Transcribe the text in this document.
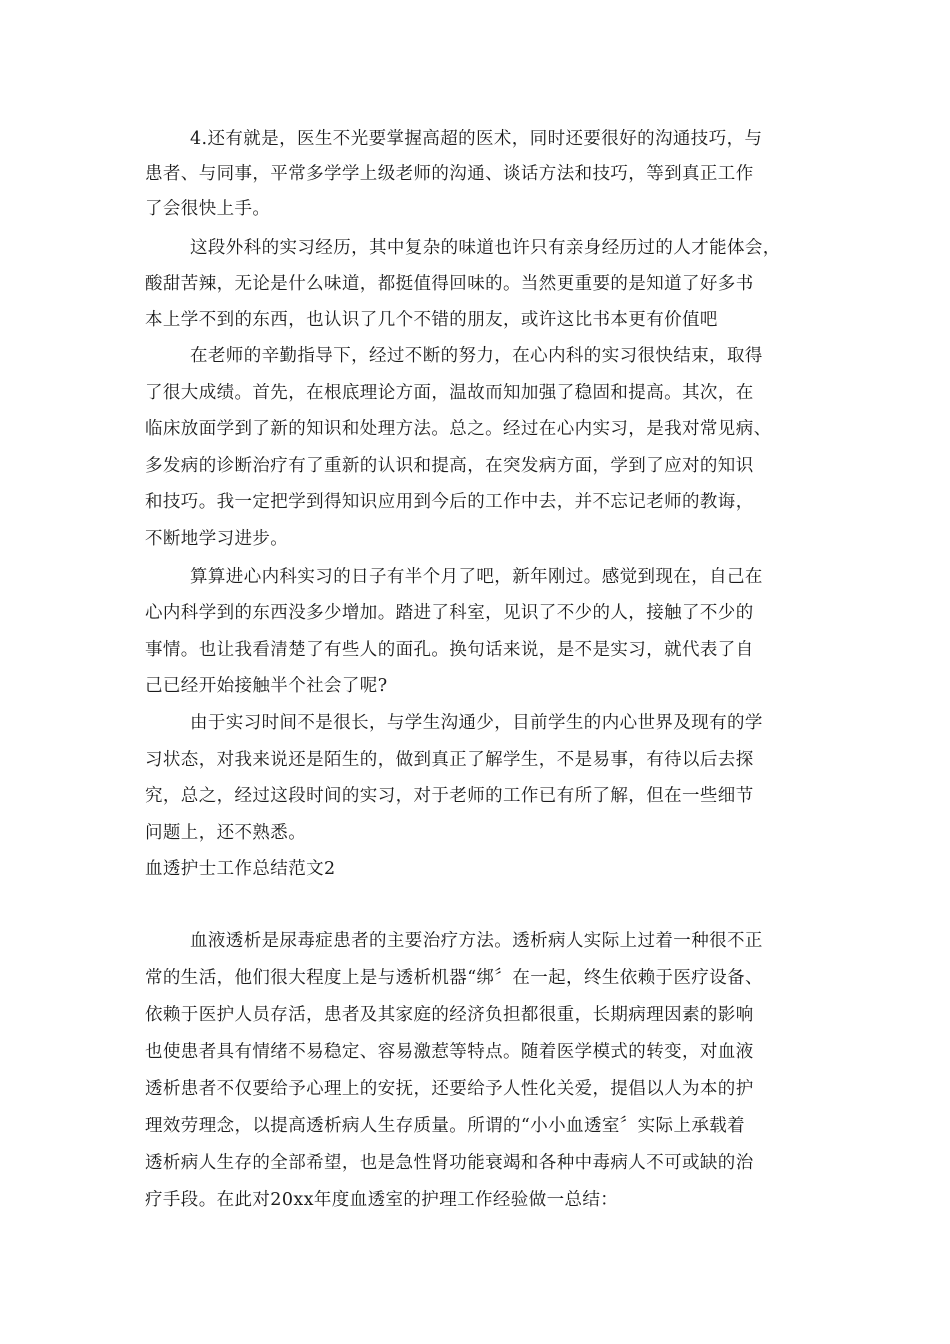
4.还有就是，医生不光要掌握高超的医术，同时还要很好的沟通技巧，与
患者、与同事，平常多学学上级老师的沟通、谈话方法和技巧，等到真正工作
了会很快上手。
这段外科的实习经历，其中复杂的味道也许只有亲身经历过的人才能体会，
酸甜苦辣，无论是什么味道，都挺值得回味的。当然更重要的是知道了好多书
本上学不到的东西，也认识了几个不错的朋友，或许这比书本更有价值吧
在老师的辛勤指导下，经过不断的努力，在心内科的实习很快结束，取得
了很大成绩。首先，在根底理论方面，温故而知加强了稳固和提高。其次，在
临床放面学到了新的知识和处理方法。总之。经过在心内实习，是我对常见病、
多发病的诊断治疗有了重新的认识和提高，在突发病方面，学到了应对的知识
和技巧。我一定把学到得知识应用到今后的工作中去，并不忘记老师的教诲，
不断地学习进步。
算算进心内科实习的日子有半个月了吧，新年刚过。感觉到现在，自己在
心内科学到的东西没多少增加。踏进了科室，见识了不少的人，接触了不少的
事情。也让我看清楚了有些人的面孔。换句话来说，是不是实习，就代表了自
己已经开始接触半个社会了呢?
由于实习时间不是很长，与学生沟通少，目前学生的内心世界及现有的学
习状态，对我来说还是陌生的，做到真正了解学生，不是易事，有待以后去探
究，总之，经过这段时间的实习，对于老师的工作已有所了解，但在一些细节
问题上，还不熟悉。
血透护士工作总结范文2
血液透析是尿毒症患者的主要治疗方法。透析病人实际上过着一种很不正
常的生活，他们很大程度上是与透析机器“绑〞在一起，终生依赖于医疗设备、
依赖于医护人员存活，患者及其家庭的经济负担都很重，长期病理因素的影响
也使患者具有情绪不易稳定、容易激惹等特点。随着医学模式的转变，对血液
透析患者不仅要给予心理上的安抚，还要给予人性化关爱，提倡以人为本的护
理效劳理念，以提高透析病人生存质量。所谓的“小小血透室〞实际上承载着
透析病人生存的全部希望，也是急性肾功能衰竭和各种中毒病人不可或缺的治
疗手段。在此对20xx年度血透室的护理工作经验做一总结：
